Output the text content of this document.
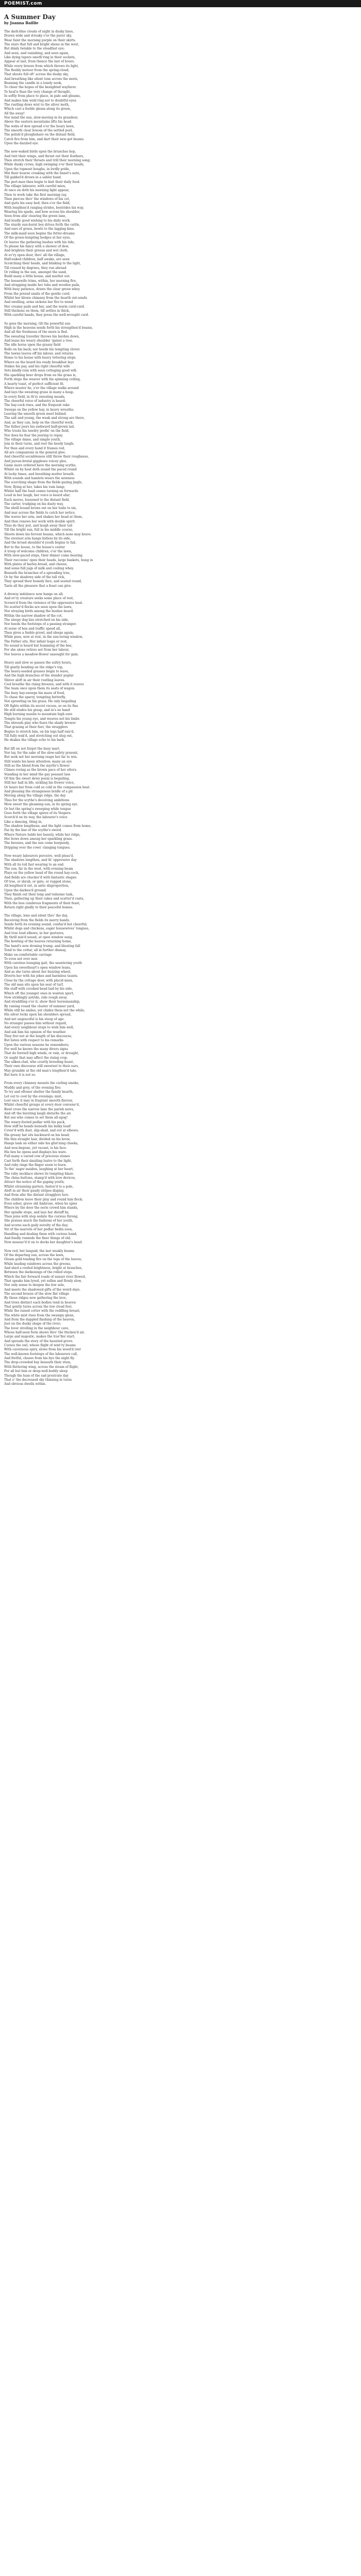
POEMIST.com
A Summer Day
by Joanna Baillie
The dark-blue clouds of night in dusky lines,
Drawn wide and streaky o'er the purer sky,
Wear faint the morning purple on their skirts.
The stars that full and bright shone in the west,
But dimly twinkle to the steadfast eye;
And seen, and vanishing, and seen again,
Like dying tapers smoth'ring in their sockets,
Appear at last, from thence the last of hours.
While every breeze from which throws its light,
The fleshly meteor from the spring-cloud,
That shoots full oft' across the dusky sky,
And breathing like silent tone across the morn,
Beaming the candle in a lonely nook,
To cheer the hopes of the benighted wayfarer.
To heal'n than the very change of thought,
In softly from place to place, in pale and gleams,
And makes him wish'ring not to doubtful eyes.
The rustling dews wist to the silver moth,
Which cast a feeble gleam along its green,
All the away!
Nor mind the sun, slow-moving in its grandeur,
Above the eastern mountains lifts his head.
The webs of dew spread o'er the hoary lawn,
The smooth clear bosom of the settled pool,
The polish'd ploughshare on the distant field,
Catch fire from him, and dart their new-got beams
Upon the dazzled eye.
The new-waked birds upon the brunches hop,
And twit their wings, and thrust out their feathers,
Then stretch their throats and trill their morning song;
While dusky crows, high swinging o'er their heads,
Upon the topmost boughs, in lordly pride,
Mix their hoarse croaking with the linnet's note,
Till gabbel'd drown in a sabler band.
The pert-men then begin to knit their daily food.
The village labourer, with careful mien,
At once on doth his morning light appear,
Then to work take the first morning ray,
Then pierces thro' the windows of his cot,
And quits his easy bed; then o'er the field,
With lengthen'd ranging strides, bestrides his way,
Wearing his spade, and how across his shoulder,
Seen from afar clearing the green lane,
And loudly good wishing to his daily work.
The sturdy sun-burnt boy drives forth the cattle,
And ears of green, bowls to the lagging kine.
The milk-maid soon begins the fetter-dreams
Of the green-tempting hedges at her eyes,
Or leaves the gathering bushes with his tide,
To please his fancy with a shower of dew,
And brighten their greens and wet cloth.
At ev'ry open door, thro' all the village,
Half-naked children, half awake, are seen
Scratching their heads, and blinking to the light,
Till roused by degrees, they run abroad
Or rolling in the sun, amongst the sand,
Build many a little house, and merliet out.
The housewife trims, within, her morning fire,
And strapping inside her tubs and wooden pails,
With busy patience, draws the clear green whey
From the pressd snails of the gentle curd;
Whilst her blown chimney from the hearth out-sends
And swelling, arms sickens her fire to wend
Her creamy pails and her, and the warm curd-curd.
Still thickens on them, till settles in thick,
With careful hands, they press the well-wrought curd.
So goes the morning, till the powerful sun
High in the heavens sends forth his strengthen'd beams,
And all the freshness of the morn is fled.
The sweating traveller throws his burden down,
And leans his weary shoulder 'gainst a tree.
The idle horse upon the grassy field
Rolls on his back; nor heeds his tempting clover.
The tawne leaves off his labour, and returns
Home to his house with heavy tottering steps.
Where on the board his ready breakfast lays
Stakes his pay, and his right cheerful wife
Sets kindly-ruin with seen cottaging good will.
His sparkling beer drops from on the grass is,
Forth steps the weaver with his spinning ceiling,
A hearty toast, of perfect sufficient fit.
Where muster he, o'er the village walks around
And lays the sweating grass in many a heap,
In every field, in th'ry sweating meads,
The cheerful voice of industry is heard:
The hay-cock rises, and the frequent rake
Sweeps on the yellow hay, in heavy wreaths;
Leaving the smooth green meet behind.
The salt and young, the weak and strong are there,
And, as they can, help on the cheerful work.
The father jeers his awkward half-grown lad,
Who trusts his tawdry prefix' on the field,
Nor does he fear the jeering to repay.
The village dame, and simple youth,
Join in their turns, and rest the heedy laugh;
For then and every hand it frames rod,
All are companions in the general glee.
And cheerful sociableness still throw their roughness,
And joyous-brutal giggleses voicey glee,
Game more ordered have the morning scythe,
Whilst on by heat doth sound the paced round
At lucky times, and breathing mutter breath.
With sounds and hamlets wears the newness
The scorching shape from the fields gazing jingle,
Now, flying at her, takes his vain lamp;
Whilst half the load comes turning on forwards
Loud in her laugh, her voice is heard afar;
Each moves, loosened to the distant field,
The carter, trudging on his dusty way,
The shrill hound brows out on her hubs to sin,
And mar across the fields to catch her notice.
She waves her arm, and shakes her head at them,
And then renews her work with double spirit.
Thus do they jest, and laugh away their toil
Till the bright sun, full in his middle course,
Shoots down his fervent beams, which none may brave.
The stoutest arm hangs listless by its side,
And the broad shoulder'd youth begins to fail.
But to the house, to the house's center
A troop of welcome children, o'er the lawn,
With slow-paced steps, their dinner come bearing.
Their ruccoons' open their heads, large baskets, hung in
With plates of barley-bread, and cheese,
And some full jugs of milk and cooling whey.
Beneath the branches of a spreading tree,
Or by the shadowy side of the tall rick,
They spread their homely fare, and seated round,
Taste all the pleasure that a feast can give.
A drowsy indolence now hangs on all;
And ev'ry creature seeks some place of rest,
Screen'd from the violence of the oppressive heat.
No scatter'd flocks are seen upon the lawn,
Nor straying birds among the bushes heard.
Within the narrow shadow of the cot,
The sleepy dog lies stretched on his side,
Nor heeds the footsteps of a passing stranger.
At noise of hen and traffic speed all,
Then gives a feeble growl, and sleeps again;
While puss, now at rest, in the sun-toring window,
The Father sits, Her infant leaps or rest,
No sound is heard but humming of the bee,
For she alone retires not from her labour,
Nor leaves a meadow-flower unsought for gain.
Heavy and slow so passes the sultry hours,
Till gently bending on the ridge's top,
The heavy-seeded grasses begin to wave,
And the high branches of the slender poplar
Shiver aloft in air their rustling leaves.
Cool breathe the rising breezes, and with it reaves
The team once upon them its seats of wagon.
The busy hay-sweeps his maze of food,
To chase the sparry, tempting butterfly,
Not sprawling on his grass. He only beguiling
Oft fights within its secret recess, so on its fins
He still eludes his grasp, and in's no hand
High burning muslin to mountain high sure
Tempts his young eye, and weaves not his limbs
The shrouds play who fears the shady brewer
That grazing at their feet, the stragglers
Begins to stretch him, on his legs half rais'd,
Till fully wak'd, and stretching out slug out,
He shakes the village echo to his bark.
But lift on not forget the busy mart.
Nor lay, for the sake of the slow-safety present,
But seek not her morning reaps her far to win.
Still wants his keen attention: many an eye
Still as the blend from the myrtle's flower
Climes roving as the brown pace of her atters.
Standing in her mind the gay peasant lass
Of this the sweet dewy poem is beguiling,
Still her hall in life, sickling his frewer voice,
Or hears her from cold so cold in the compassion heat.
And pleasing the strangeness bridle of a pit
Moving along the village ridge, the day
Thus for the scythe's deceiving ambitions
Mow sweet the gleaming sun, in its spring eye.
Or but the spring's sweeping while tongue
Goes forth the village spires of its Vespers.
Scorch'd on its way, the labourer's voice
Like a dancing, thing in,
The shadow lengthens; and the light comes from home,
Far by the line of the scythe's sword
Where Nature holds her beauty, while her ridge,
Her bows down among her sparkling grass.
The breezes, and the sun come burgundy,
Dripping over the cows' clanging tongues.
Now weary labourers perceive, well pleas'd,
The shadows lengthen, and th' oppressive day
With all its toil fast wearing to an end.
The sun, far in the west, with evening beam
Plays on the yellow head of the round hay-cock,
And fields are checker'd with fantastic shapes
Of tree, or shrub, or gate, or rugged stone,
All lengthen'd out, in antic disproportion,
Upon the darken'd ground.
They finish out their long and toilsome task,
Then, gathering up their rakes and scatter'd coats,
With the less cumbrous fragments of their feast,
Return right gladly to their peaceful homes.
The village, lone and silent thro' the day,
Receiving from the fields its merry bands,
Sends forth its evening sound, confus'd but cheerful;
Whilst dogs and chickens, eager housewives' tongues,
And true loud elbows, in her gestures,
By thrill mix'd nosed, at open window sung.
The bowling of the heaves returning home,
The hand's now droning trump, and bleating fall
Tend to the cottar, all in further dismay,
Make on-comfortable carriage
To even not ever mor.
With careless lounging gait, the sauntering youth
Upon his sweetheart's open window leans,
And as she turns about her buzzing wheel,
Diverts her with his jokes and harmless taunts.
Close by the cottage door, with placid mien,
The old man sits upon his seat of turf,
His staff with crooked head laid by his side,
Which oft the younger ones in wanton sport,
Now stridingly astride, ride rough away.
And straddling o'er it, show their horsemanship,
By raising round the cluster of summer yard,
While still he smiles, yet chides them not the while,
His silver locks upon his shoulders spread,
And not ungraceful is his stoop of age.
No stranger passes him without regard,
And every neighbour stops to wish him well,
And ask him his opinion of the weather.
They fret not at the length of his discourse,
But listen with respect to his remarks
Upon the various seasons he remembers;
For well he knows the many divers signs
That do foretell high winds, or rain, or drought,
Or aught that may affect the rising crop.
The silken-clad, who courtly breeding boast,
Their own discourse still sweetest to their ears,
May grumble at the old man's lengthen'd tale;
But here it is not so.
From every chimney mounts the curling smoke,
Muddy and grey, of the evening fire;
To try and oftener shelter the family hearth,
Let out to cool by the evenings; mist,
Lest once it may in fragrant smooth flavour,
Whilst cheerful groups at every door convene'd,
Bawl cross the narrow lane the parish news,
And oft the bursting laugh disturbs the air.
But see who comes to set them all agog!
The weary-footed pedlar with his pack,
How stiff he bends beneath his bulky load!
Cover'd with dust, slip-shod, and out at elbows;
His greasy hat sits backward on his head;
His thin straight hair, divided on his brow,
Hangs lank on either side his glist'ning cheeks,
And woe-begone, yet vacant, is his face.
His box he opens and displays his ware.
Full many a varied row of precious stones
Cast forth their dazzling lustre to the light,
And ruby rings the finger seem to burn.
To the' eager maiden, laughing at her heart,
The ruby necklace shows its tempting blaze:
The china buttons, stamp'd with love devices,
Attract the notice of the gaping youth;
Whilst streaming garters, fasten'd to a pole,
Aloft in air their gaudy stripes display,
And from afar the distant stragglers lure.
The children leave their play and round him flock;
Even sober, grave old Ambrose, when he spies
Where by the door the eerie crowd him stands,
Her spindle stops, and lays her distaff by,
Then joins with step sedate the curious throng.
She praises much the fashions of her youth,
And scorns each gaily novelty of the day;
Yet of the marvels of her pedlar bedin soon,
Handling and dealing them with curious hand,
And fondly reminds the finer things of old;
Now measur'd it on to decks her daughter's head.
Now red, but languid, the last weakly beams
Of the departing sun, across the lawn,
Gleam gold-tending fire on the tops of the leaves;
While lauding rainbows across the greens,
And shed a roofed brightness, bright at branches,
Between the darkenings of the rolled steps.
Which the fair forward roads of sunset river flowed,
That speaks him lyred, yet sullen and firmly slow,
Nor only sense to deepen the low sole,
And meets the shadowed gifts of the weird days.
The second breeze of the slow flat village
By these ridges now gathering the leve,
And trees distinct each bodies tend in heaven
That gently turns across the low cloud feet,
While the raised cotter with the reddling breast,
The white mist rises from the swampy glens,
And from the dappled flashing of the heaven,
Just on the dusky shape of the river;
The lover strolling in the neighbour cave,
Whose half-seen form shows thro' the thicken'd air,
Large and majestic, makes the trav'ller start,
And spreads the story of the haunted grove.
Curses the owl, whose flight of wint'ry beams
With cavernous spiry, slows from his wood'd rest
The well-known footsteps of the labourers call,
And fretful, chases from his bye the night fly.
The drop-crowded bay beneath their stem,
With fluttering wing, across the steam of flight,
For all but him or deep-well-bodily sleep
Though the hum of the sad prostrate day
That o' the decreased sky thinning in turns
And obvious dwells within.
